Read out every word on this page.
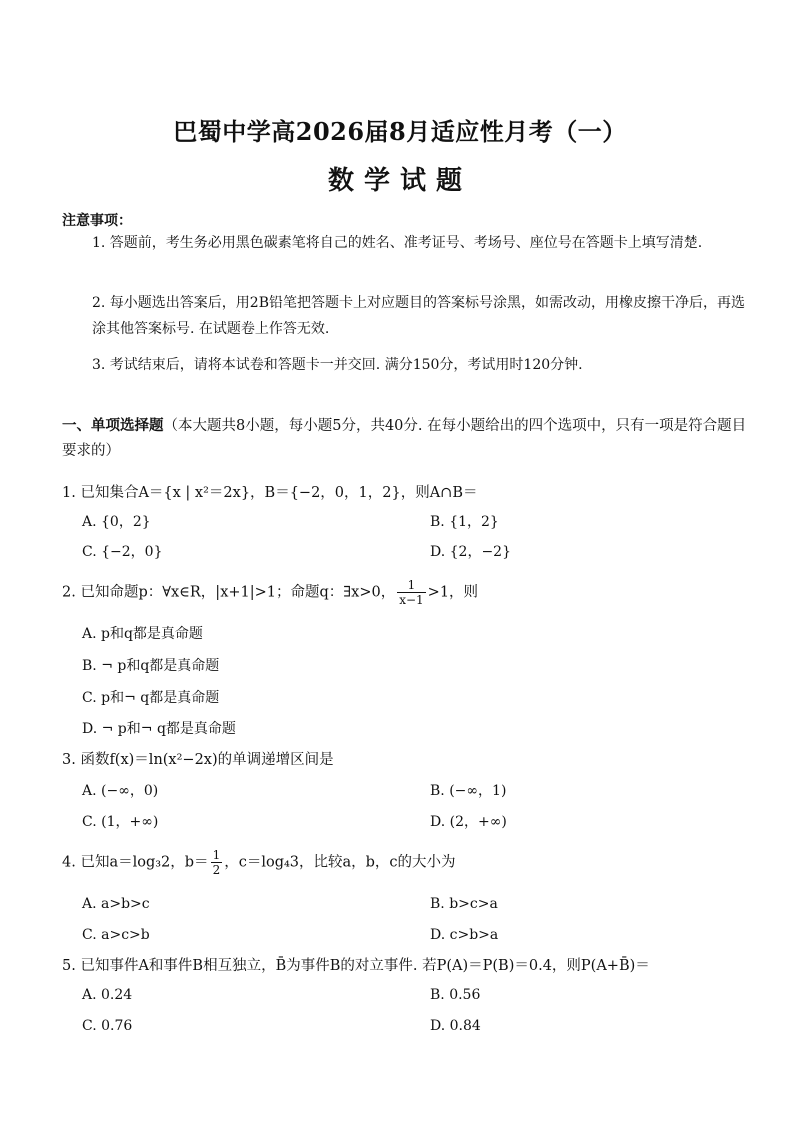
巴蜀中学高2026届8月适应性月考（一）
数学试题
注意事项：
1. 答题前，考生务必用黑色碳素笔将自己的姓名、准考证号、考场号、座位号在答题卡上填写清楚.
2. 每小题选出答案后，用2B铅笔把答题卡上对应题目的答案标号涂黑，如需改动，用橡皮擦干净后，再选涂其他答案标号. 在试题卷上作答无效.
3. 考试结束后，请将本试卷和答题卡一并交回. 满分150分，考试用时120分钟.
一、单项选择题（本大题共8小题，每小题5分，共40分. 在每小题给出的四个选项中，只有一项是符合题目要求的）
1. 已知集合A＝{x | x²＝2x}，B＝{−2，0，1，2}，则A∩B＝
A. {0，2}	B. {1，2}
C. {−2，0}	D. {2，−2}
2. 已知命题p：∀x∈R，|x+1|>1；命题q：∃x>0， $\frac{1}{x-1} >1$，则
A. p和q都是真命题
B. ¬ p和q都是真命题
C. p和¬ q都是真命题
D. ¬ p和¬ q都是真命题
3. 函数f(x)＝ln(x²−2x)的单调递增区间是
A. (−∞，0)	B. (−∞，1)
C. (1，+∞)	D. (2，+∞)
4. 已知a＝log₃2，$b= \frac{1}{2}$ ，c＝log₄3，比较a，b，c的大小为
A. a>b>c	B. b>c>a
C. a>c>b	D. c>b>a
5. 已知事件A和事件B相互独立，B̄为事件B的对立事件. 若P(A)＝P(B)＝0.4，则P(A+B̄)＝
A. 0.24	B. 0.56
C. 0.76	D. 0.84
